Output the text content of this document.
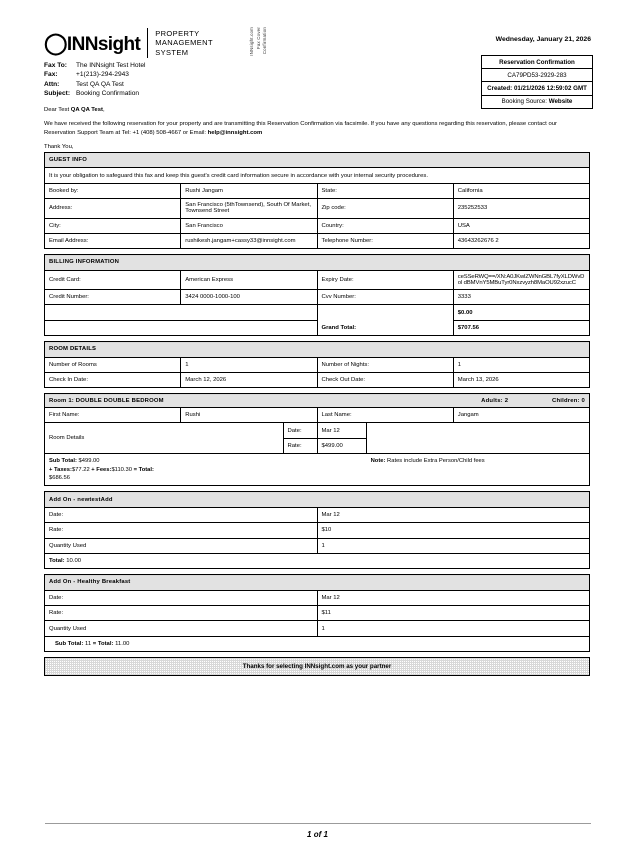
◯INNsight
PROPERTY
MANAGEMENT
SYSTEM
Fax To:	The INNsight Test Hotel
Fax:	+1(213)-294-2943
Attn:	Test QA QA Test
Subject: Booking Confirmation
INNsight.com Fax Cover Confirmation	Wednesday, January 21, 2026
Reservation Confirmation
CA79PD53-2929-283
Created: 01/21/2026 12:59:02 GMT
Booking Source: Website
Dear Test QA QA Test,
We have received the following reservation for your property and are transmitting this Reservation Confirmation via facsimile. If you have any questions regarding this reservation, please contact our Reservation Support Team at Tel: +1 (408) 508-4667 or Email: help@innsight.com
Thank You,
GUEST INFO			
It is your obligation to safeguard this fax and keep this guest's credit card information secure in accordance with your internal security procedures.			
Booked by:	Rushi Jangam	State:	California
Address:	San Francisco (5thTownsend), South Of Market, Townsend Street	Zip code:	235252533
City:	San Francisco	Country:	USA
Email Address:	rushikesh.jangam+cassy33@innsight.com	Telephone Number:	43643262676 2
BILLING INFORMATION			
Credit Card:	American Express	Expiry Date:	ceSSeRWQ==/XN:A0JKwlZWNnGBL7fyXLDWvDol dBMVnY5MBuTyr0Nxzvyzh8MaOU92xzucC
Credit Number:	3424 0000-1000-100	Cvv Number:	3333
			$0.00
		Grand Total:	$707.56
ROOM DETAILS			
Number of Rooms	1	Number of Nights:	1
Check In Date:	March 12, 2026	Check Out Date:	March 13, 2026
Room 1: DOUBLE DOUBLE BEDROOM	Adults: 2	Children: 0

First Name:	Rushi	Last Name:	Jangam
Room Details	Date:	Mar 12	
	Rate:	$499.00	

Sub Total: $499.00
+ Taxes:$77.22 + Fees:$110.30 = Total:
$686.56
Note: Rates include Extra Person/Child fees			
Add On - newtestAdd	
Date:	Mar 12
Rate:	$10
Quantity Used	1
Total: 10.00	
Add On - Healthy Breakfast	
Date:	Mar 12
Rate:	$11
Quantity Used	1
Sub Total: 11 = Total: 11.00	
Thanks for selecting INNsight.com as your partner
1 of 1
